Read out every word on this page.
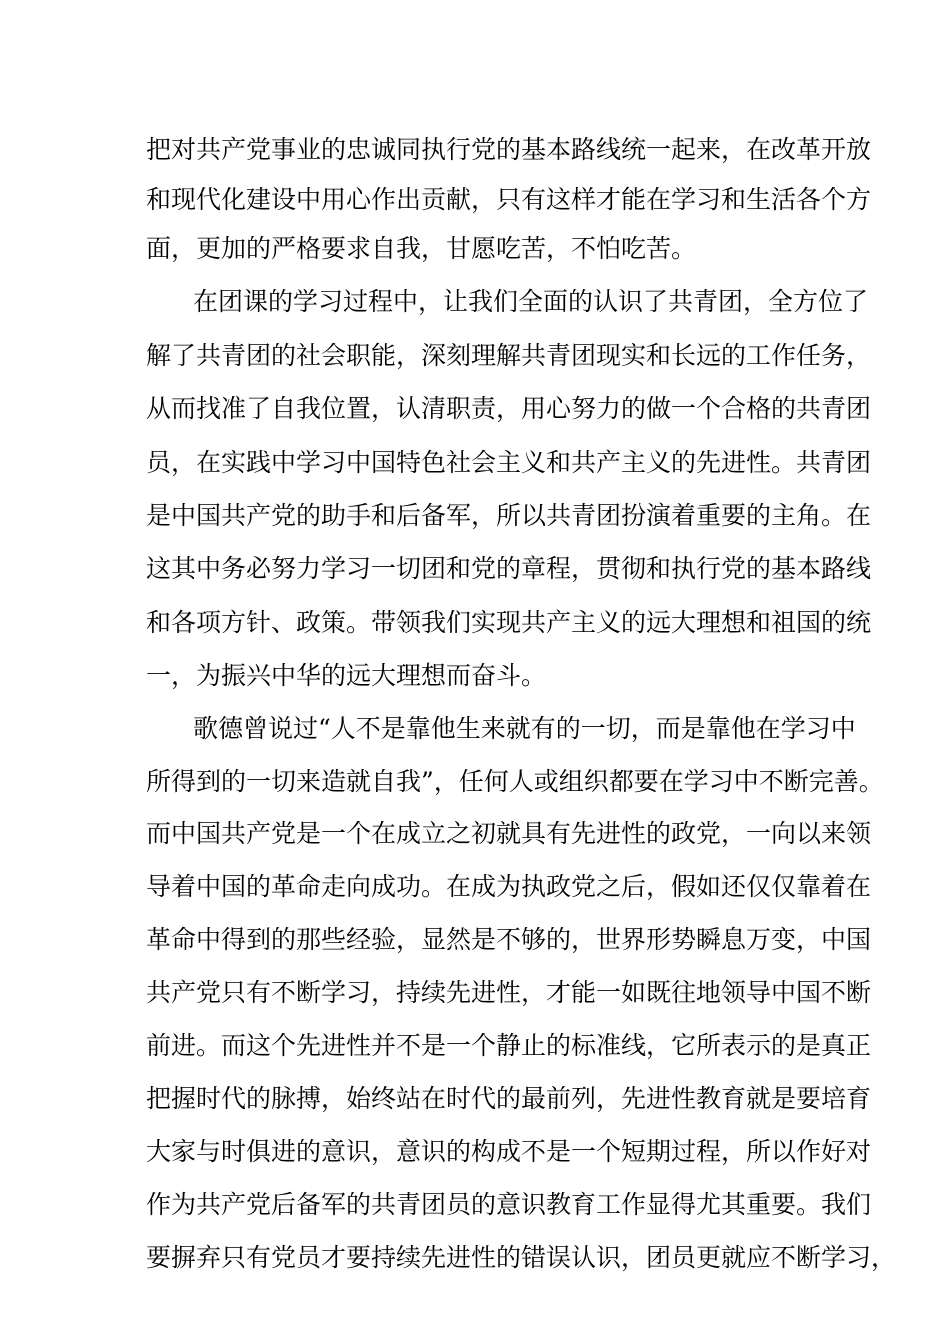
把对共产党事业的忠诚同执行党的基本路线统一起来，在改革开放

和现代化建设中用心作出贡献，只有这样才能在学习和生活各个方

面，更加的严格要求自我，甘愿吃苦，不怕吃苦。

在团课的学习过程中，让我们全面的认识了共青团，全方位了

解了共青团的社会职能，深刻理解共青团现实和长远的工作任务，

从而找准了自我位置，认清职责，用心努力的做一个合格的共青团

员，在实践中学习中国特色社会主义和共产主义的先进性。共青团

是中国共产党的助手和后备军，所以共青团扮演着重要的主角。在

这其中务必努力学习一切团和党的章程，贯彻和执行党的基本路线

和各项方针、政策。带领我们实现共产主义的远大理想和祖国的统

一，为振兴中华的远大理想而奋斗。

歌德曾说过“人不是靠他生来就有的一切，而是靠他在学习中

所得到的一切来造就自我”，任何人或组织都要在学习中不断完善。

而中国共产党是一个在成立之初就具有先进性的政党，一向以来领

导着中国的革命走向成功。在成为执政党之后，假如还仅仅靠着在

革命中得到的那些经验，显然是不够的，世界形势瞬息万变，中国

共产党只有不断学习，持续先进性，才能一如既往地领导中国不断

前进。而这个先进性并不是一个静止的标准线，它所表示的是真正

把握时代的脉搏，始终站在时代的最前列，先进性教育就是要培育

大家与时俱进的意识，意识的构成不是一个短期过程，所以作好对

作为共产党后备军的共青团员的意识教育工作显得尤其重要。我们

要摒弃只有党员才要持续先进性的错误认识，团员更就应不断学习，
